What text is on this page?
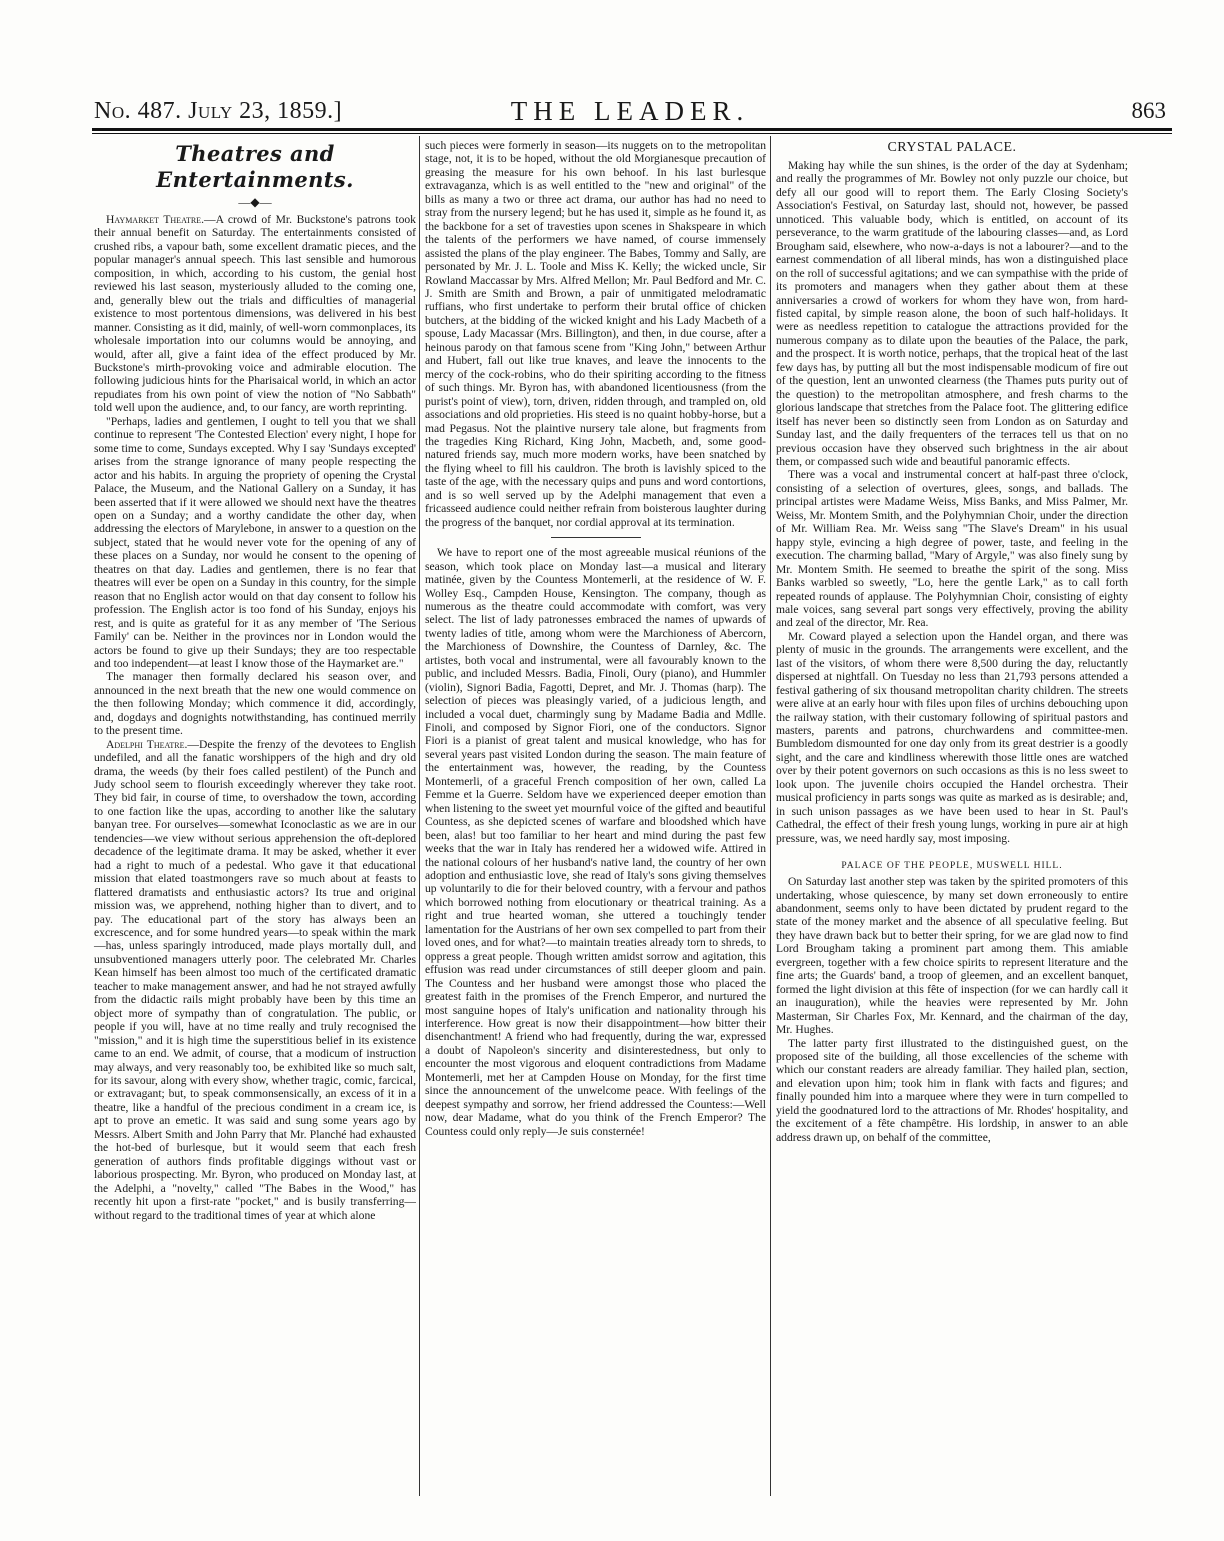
No. 487. July 23, 1859.]	THE LEADER.	863
Theatres and Entertainments.
—◆—

Haymarket Theatre.—A crowd of Mr. Buckstone's patrons took their annual benefit on Saturday. The entertainments consisted of crushed ribs, a vapour bath, some excellent dramatic pieces, and the popular manager's annual speech. This last sensible and humorous composition, in which, according to his custom, the genial host reviewed his last season, mysteriously alluded to the coming one, and, generally blew out the trials and difficulties of managerial existence to most portentous dimensions, was delivered in his best manner. Consisting as it did, mainly, of well-worn commonplaces, its wholesale importation into our columns would be annoying, and would, after all, give a faint idea of the effect produced by Mr. Buckstone's mirth-provoking voice and admirable elocution. The following judicious hints for the Pharisaical world, in which an actor repudiates from his own point of view the notion of "No Sabbath" told well upon the audience, and, to our fancy, are worth reprinting.

"Perhaps, ladies and gentlemen, I ought to tell you that we shall continue to represent 'The Contested Election' every night, I hope for some time to come, Sundays excepted. Why I say 'Sundays excepted' arises from the strange ignorance of many people respecting the actor and his habits. In arguing the propriety of opening the Crystal Palace, the Museum, and the National Gallery on a Sunday, it has been asserted that if it were allowed we should next have the theatres open on a Sunday; and a worthy candidate the other day, when addressing the electors of Marylebone, in answer to a question on the subject, stated that he would never vote for the opening of any of these places on a Sunday, nor would he consent to the opening of theatres on that day. Ladies and gentlemen, there is no fear that theatres will ever be open on a Sunday in this country, for the simple reason that no English actor would on that day consent to follow his profession. The English actor is too fond of his Sunday, enjoys his rest, and is quite as grateful for it as any member of 'The Serious Family' can be. Neither in the provinces nor in London would the actors be found to give up their Sundays; they are too respectable and too independent—at least I know those of the Haymarket are."

The manager then formally declared his season over, and announced in the next breath that the new one would commence on the then following Monday; which commence it did, accordingly, and, dogdays and dognights notwithstanding, has continued merrily to the present time.

Adelphi Theatre.—Despite the frenzy of the devotees to English undefiled, and all the fanatic worshippers of the high and dry old drama, the weeds (by their foes called pestilent) of the Punch and Judy school seem to flourish exceedingly wherever they take root. They bid fair, in course of time, to overshadow the town, according to one faction like the upas, according to another like the salutary banyan tree. For ourselves—somewhat Iconoclastic as we are in our tendencies—we view without serious apprehension the oft-deplored decadence of the legitimate drama. It may be asked, whether it ever had a right to much of a pedestal. Who gave it that educational mission that elated toastmongers rave so much about at feasts to flattered dramatists and enthusiastic actors? Its true and original mission was, we apprehend, nothing higher than to divert, and to pay. The educational part of the story has always been an excrescence, and for some hundred years—to speak within the mark—has, unless sparingly introduced, made plays mortally dull, and unsubventioned managers utterly poor. The celebrated Mr. Charles Kean himself has been almost too much of the certificated dramatic teacher to make management answer, and had he not strayed awfully from the didactic rails might probably have been by this time an object more of sympathy than of congratulation. The public, or people if you will, have at no time really and truly recognised the "mission," and it is high time the superstitious belief in its existence came to an end. We admit, of course, that a modicum of instruction may always, and very reasonably too, be exhibited like so much salt, for its savour, along with every show, whether tragic, comic, farcical, or extravagant; but, to speak commonsensically, an excess of it in a theatre, like a handful of the precious condiment in a cream ice, is apt to prove an emetic. It was said and sung some years ago by Messrs. Albert Smith and John Parry that Mr. Planché had exhausted the hot-bed of burlesque, but it would seem that each fresh generation of authors finds profitable diggings without vast or laborious prospecting. Mr. Byron, who produced on Monday last, at the Adelphi, a "novelty," called "The Babes in the Wood," has recently hit upon a first-rate "pocket," and is busily transferring—without regard to the traditional times of year at which alone

such pieces were formerly in season—its nuggets on to the metropolitan stage, not, it is to be hoped, without the old Morgianesque precaution of greasing the measure for his own behoof. In his last burlesque extravaganza, which is as well entitled to the "new and original" of the bills as many a two or three act drama, our author has had no need to stray from the nursery legend; but he has used it, simple as he found it, as the backbone for a set of travesties upon scenes in Shakspeare in which the talents of the performers we have named, of course immensely assisted the plans of the play engineer. The Babes, Tommy and Sally, are personated by Mr. J. L. Toole and Miss K. Kelly; the wicked uncle, Sir Rowland Maccassar by Mrs. Alfred Mellon; Mr. Paul Bedford and Mr. C. J. Smith are Smith and Brown, a pair of unmitigated melodramatic ruffians, who first undertake to perform their brutal office of chicken butchers, at the bidding of the wicked knight and his Lady Macbeth of a spouse, Lady Macassar (Mrs. Billington), and then, in due course, after a heinous parody on that famous scene from "King John," between Arthur and Hubert, fall out like true knaves, and leave the innocents to the mercy of the cock-robins, who do their spiriting according to the fitness of such things. Mr. Byron has, with abandoned licentiousness (from the purist's point of view), torn, driven, ridden through, and trampled on, old associations and old proprieties. His steed is no quaint hobby-horse, but a mad Pegasus. Not the plaintive nursery tale alone, but fragments from the tragedies King Richard, King John, Macbeth, and, some good-natured friends say, much more modern works, have been snatched by the flying wheel to fill his cauldron. The broth is lavishly spiced to the taste of the age, with the necessary quips and puns and word contortions, and is so well served up by the Adelphi management that even a fricasseed audience could neither refrain from boisterous laughter during the progress of the banquet, nor cordial approval at its termination.

We have to report one of the most agreeable musical réunions of the season, which took place on Monday last—a musical and literary matinée, given by the Countess Montemerli, at the residence of W. F. Wolley Esq., Campden House, Kensington. The company, though as numerous as the theatre could accommodate with comfort, was very select. The list of lady patronesses embraced the names of upwards of twenty ladies of title, among whom were the Marchioness of Abercorn, the Marchioness of Downshire, the Countess of Darnley, &c. The artistes, both vocal and instrumental, were all favourably known to the public, and included Messrs. Badia, Finoli, Oury (piano), and Hummler (violin), Signori Badia, Fagotti, Depret, and Mr. J. Thomas (harp). The selection of pieces was pleasingly varied, of a judicious length, and included a vocal duet, charmingly sung by Madame Badia and Mdlle. Finoli, and composed by Signor Fiori, one of the conductors. Signor Fiori is a pianist of great talent and musical knowledge, who has for several years past visited London during the season. The main feature of the entertainment was, however, the reading, by the Countess Montemerli, of a graceful French composition of her own, called La Femme et la Guerre. Seldom have we experienced deeper emotion than when listening to the sweet yet mournful voice of the gifted and beautiful Countess, as she depicted scenes of warfare and bloodshed which have been, alas! but too familiar to her heart and mind during the past few weeks that the war in Italy has rendered her a widowed wife. Attired in the national colours of her husband's native land, the country of her own adoption and enthusiastic love, she read of Italy's sons giving themselves up voluntarily to die for their beloved country, with a fervour and pathos which borrowed nothing from elocutionary or theatrical training. As a right and true hearted woman, she uttered a touchingly tender lamentation for the Austrians of her own sex compelled to part from their loved ones, and for what?—to maintain treaties already torn to shreds, to oppress a great people. Though written amidst sorrow and agitation, this effusion was read under circumstances of still deeper gloom and pain. The Countess and her husband were amongst those who placed the greatest faith in the promises of the French Emperor, and nurtured the most sanguine hopes of Italy's unification and nationality through his interference. How great is now their disappointment—how bitter their disenchantment! A friend who had frequently, during the war, expressed a doubt of Napoleon's sincerity and disinterestedness, but only to encounter the most vigorous and eloquent contradictions from Madame Montemerli, met her at Campden House on Monday, for the first time since the announcement of the unwelcome peace. With feelings of the deepest sympathy and sorrow, her friend addressed the Countess:—Well now, dear Madame, what do you think of the French Emperor? The Countess could only reply—Je suis consternée!

CRYSTAL PALACE.

Making hay while the sun shines, is the order of the day at Sydenham; and really the programmes of Mr. Bowley not only puzzle our choice, but defy all our good will to report them. The Early Closing Society's Association's Festival, on Saturday last, should not, however, be passed unnoticed. This valuable body, which is entitled, on account of its perseverance, to the warm gratitude of the labouring classes—and, as Lord Brougham said, elsewhere, who now-a-days is not a labourer?—and to the earnest commendation of all liberal minds, has won a distinguished place on the roll of successful agitations; and we can sympathise with the pride of its promoters and managers when they gather about them at these anniversaries a crowd of workers for whom they have won, from hard-fisted capital, by simple reason alone, the boon of such half-holidays. It were as needless repetition to catalogue the attractions provided for the numerous company as to dilate upon the beauties of the Palace, the park, and the prospect. It is worth notice, perhaps, that the tropical heat of the last few days has, by putting all but the most indispensable modicum of fire out of the question, lent an unwonted clearness (the Thames puts purity out of the question) to the metropolitan atmosphere, and fresh charms to the glorious landscape that stretches from the Palace foot. The glittering edifice itself has never been so distinctly seen from London as on Saturday and Sunday last, and the daily frequenters of the terraces tell us that on no previous occasion have they observed such brightness in the air about them, or compassed such wide and beautiful panoramic effects.

There was a vocal and instrumental concert at half-past three o'clock, consisting of a selection of overtures, glees, songs, and ballads. The principal artistes were Madame Weiss, Miss Banks, and Miss Palmer, Mr. Weiss, Mr. Montem Smith, and the Polyhymnian Choir, under the direction of Mr. William Rea. Mr. Weiss sang "The Slave's Dream" in his usual happy style, evincing a high degree of power, taste, and feeling in the execution. The charming ballad, "Mary of Argyle," was also finely sung by Mr. Montem Smith. He seemed to breathe the spirit of the song. Miss Banks warbled so sweetly, "Lo, here the gentle Lark," as to call forth repeated rounds of applause. The Polyhymnian Choir, consisting of eighty male voices, sang several part songs very effectively, proving the ability and zeal of the director, Mr. Rea.

Mr. Coward played a selection upon the Handel organ, and there was plenty of music in the grounds. The arrangements were excellent, and the last of the visitors, of whom there were 8,500 during the day, reluctantly dispersed at nightfall. On Tuesday no less than 21,793 persons attended a festival gathering of six thousand metropolitan charity children. The streets were alive at an early hour with files upon files of urchins debouching upon the railway station, with their customary following of spiritual pastors and masters, parents and patrons, churchwardens and committee-men. Bumbledom dismounted for one day only from its great destrier is a goodly sight, and the care and kindliness wherewith those little ones are watched over by their potent governors on such occasions as this is no less sweet to look upon. The juvenile choirs occupied the Handel orchestra. Their musical proficiency in parts songs was quite as marked as is desirable; and, in such unison passages as we have been used to hear in St. Paul's Cathedral, the effect of their fresh young lungs, working in pure air at high pressure, was, we need hardly say, most imposing.

PALACE OF THE PEOPLE, MUSWELL HILL.

On Saturday last another step was taken by the spirited promoters of this undertaking, whose quiescence, by many set down erroneously to entire abandonment, seems only to have been dictated by prudent regard to the state of the money market and the absence of all speculative feeling. But they have drawn back but to better their spring, for we are glad now to find Lord Brougham taking a prominent part among them. This amiable evergreen, together with a few choice spirits to represent literature and the fine arts; the Guards' band, a troop of gleemen, and an excellent banquet, formed the light division at this fête of inspection (for we can hardly call it an inauguration), while the heavies were represented by Mr. John Masterman, Sir Charles Fox, Mr. Kennard, and the chairman of the day, Mr. Hughes.

The latter party first illustrated to the distinguished guest, on the proposed site of the building, all those excellencies of the scheme with which our constant readers are already familiar. They hailed plan, section, and elevation upon him; took him in flank with facts and figures; and finally pounded him into a marquee where they were in turn compelled to yield the goodnatured lord to the attractions of Mr. Rhodes' hospitality, and the excitement of a fête champêtre. His lordship, in answer to an able address drawn up, on behalf of the committee,
